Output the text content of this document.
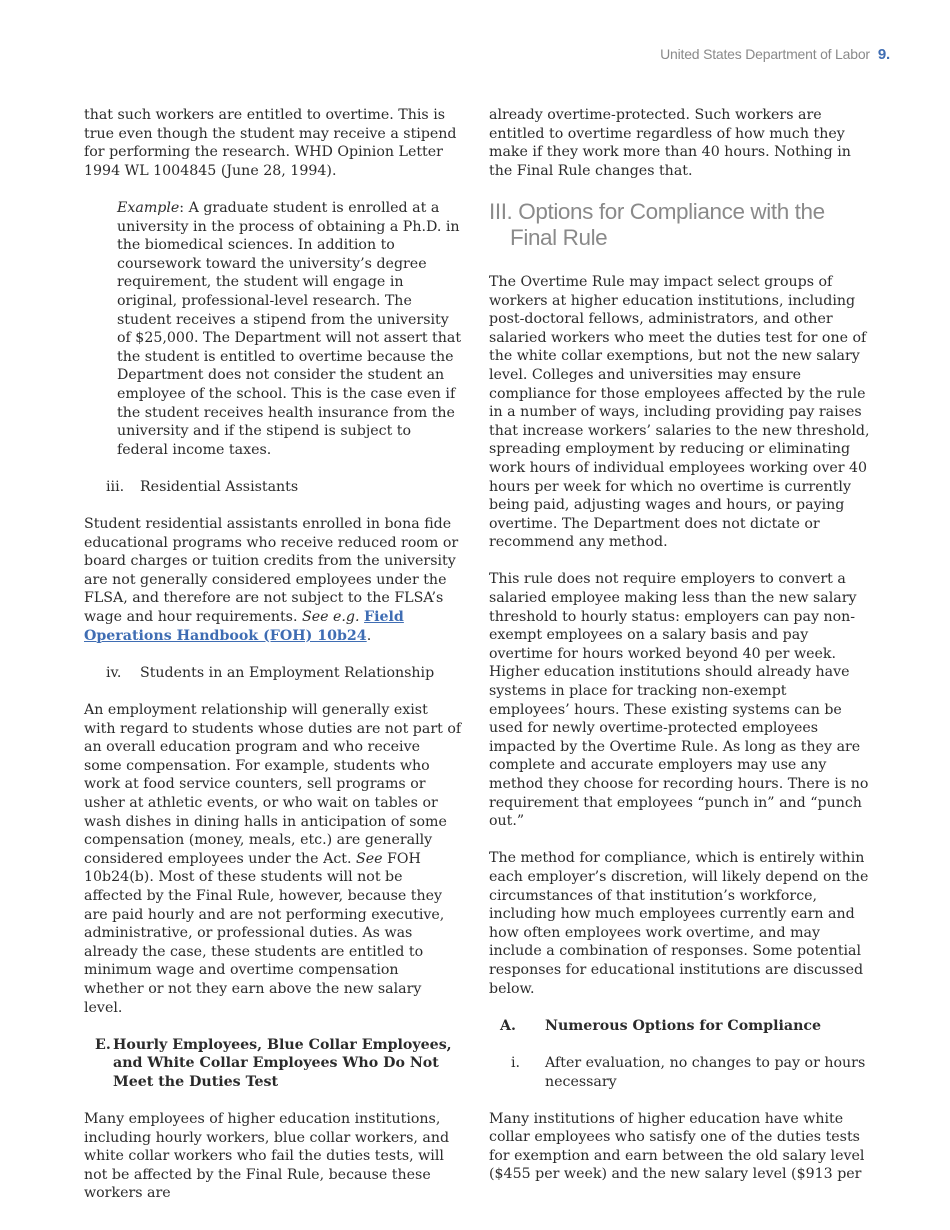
United States Department of Labor 9.

that such workers are entitled to overtime. This is true even though the student may receive a stipend for performing the research. WHD Opinion Letter 1994 WL 1004845 (June 28, 1994).

Example: A graduate student is enrolled at a university in the process of obtaining a Ph.D. in the biomedical sciences. In addition to coursework toward the university’s degree requirement, the student will engage in original, professional-level research. The student receives a stipend from the university of $25,000. The Department will not assert that the student is entitled to overtime because the Department does not consider the student an employee of the school. This is the case even if the student receives health insurance from the university and if the stipend is subject to federal income taxes.

iii.	Residential Assistants

Student residential assistants enrolled in bona fide educational programs who receive reduced room or board charges or tuition credits from the university are not generally considered employees under the FLSA, and therefore are not subject to the FLSA’s wage and hour requirements. See e.g. Field Operations Handbook (FOH) 10b24.

iv.	Students in an Employment Relationship

An employment relationship will generally exist with regard to students whose duties are not part of an overall education program and who receive some compensation. For example, students who work at food service counters, sell programs or usher at athletic events, or who wait on tables or wash dishes in dining halls in anticipation of some compensation (money, meals, etc.) are generally considered employees under the Act. See FOH 10b24(b). Most of these students will not be affected by the Final Rule, however, because they are paid hourly and are not performing executive, administrative, or professional duties. As was already the case, these students are entitled to minimum wage and overtime compensation whether or not they earn above the new salary level.

E. Hourly Employees, Blue Collar Employees, and White Collar Employees Who Do Not Meet the Duties Test

Many employees of higher education institutions, including hourly workers, blue collar workers, and white collar workers who fail the duties tests, will not be affected by the Final Rule, because these workers are

already overtime-protected. Such workers are entitled to overtime regardless of how much they make if they work more than 40 hours. Nothing in the Final Rule changes that.

III. Options for Compliance with the Final Rule

The Overtime Rule may impact select groups of workers at higher education institutions, including post-doctoral fellows, administrators, and other salaried workers who meet the duties test for one of the white collar exemptions, but not the new salary level. Colleges and universities may ensure compliance for those employees affected by the rule in a number of ways, including providing pay raises that increase workers’ salaries to the new threshold, spreading employment by reducing or eliminating work hours of individual employees working over 40 hours per week for which no overtime is currently being paid, adjusting wages and hours, or paying overtime. The Department does not dictate or recommend any method.

This rule does not require employers to convert a salaried employee making less than the new salary threshold to hourly status: employers can pay non-exempt employees on a salary basis and pay overtime for hours worked beyond 40 per week. Higher education institutions should already have systems in place for tracking non-exempt employees’ hours. These existing systems can be used for newly overtime-protected employees impacted by the Overtime Rule. As long as they are complete and accurate employers may use any method they choose for recording hours. There is no requirement that employees “punch in” and “punch out.”

The method for compliance, which is entirely within each employer’s discretion, will likely depend on the circumstances of that institution’s workforce, including how much employees currently earn and how often employees work overtime, and may include a combination of responses. Some potential responses for educational institutions are discussed below.

A.	Numerous Options for Compliance
i.	After evaluation, no changes to pay or hours necessary

Many institutions of higher education have white collar employees who satisfy one of the duties tests for exemption and earn between the old salary level ($455 per week) and the new salary level ($913 per
